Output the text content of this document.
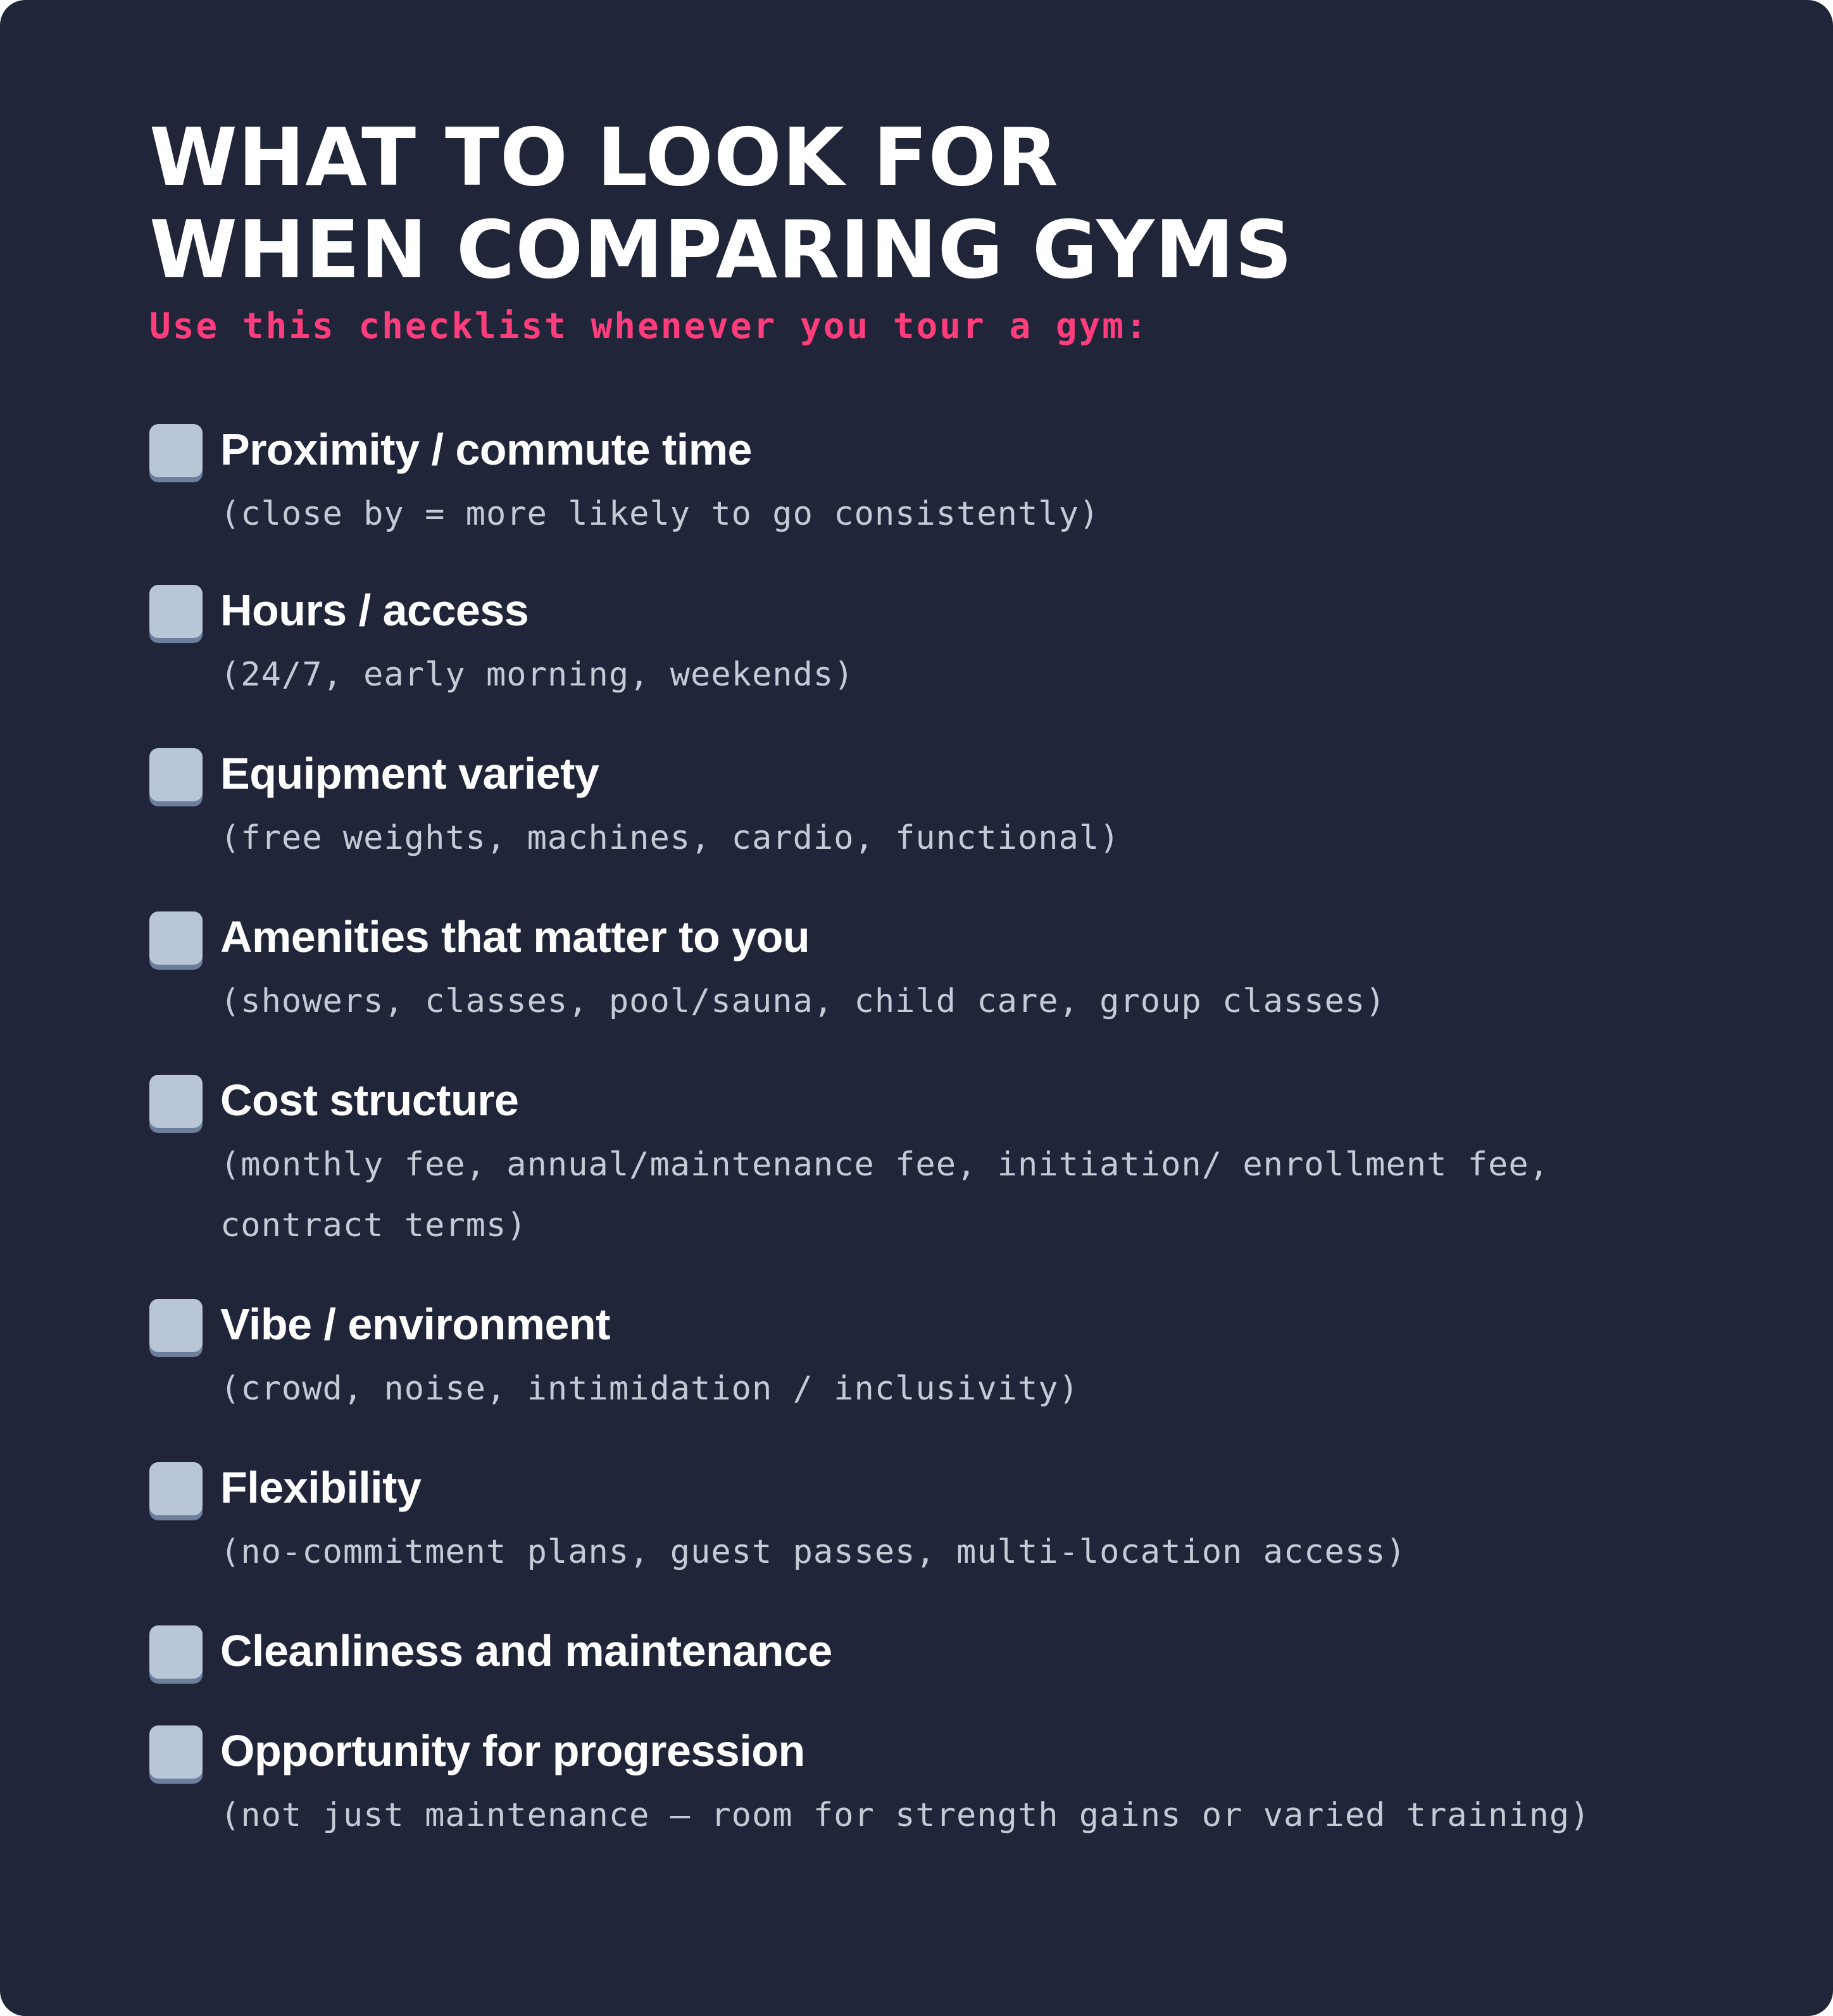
WHAT TO LOOK FOR
WHEN COMPARING GYMS

Use this checklist whenever you tour a gym:

Proximity / commute time
(close by = more likely to go consistently)
Hours / access
(24/7, early morning, weekends)
Equipment variety
(free weights, machines, cardio, functional)
Amenities that matter to you
(showers, classes, pool/sauna, child care, group classes)
Cost structure
(monthly fee, annual/maintenance fee, initiation/ enrollment fee, contract terms)
Vibe / environment
(crowd, noise, intimidation / inclusivity)
Flexibility
(no-commitment plans, guest passes, multi-location access)
Cleanliness and maintenance
Opportunity for progression
(not just maintenance — room for strength gains or varied training)
